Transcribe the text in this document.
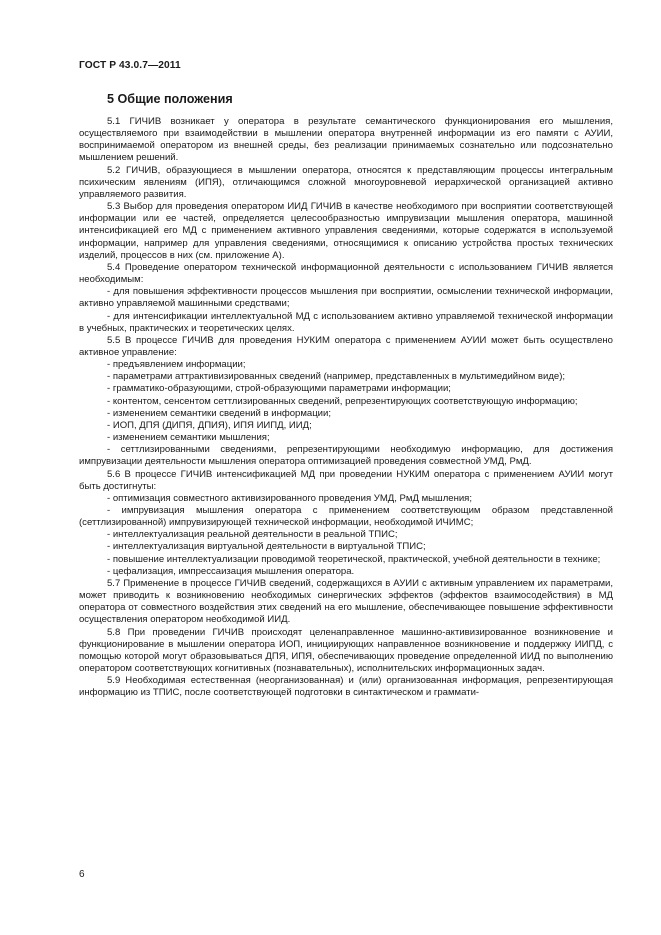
ГОСТ Р 43.0.7—2011
5 Общие положения

5.1 ГИЧИВ возникает у оператора в результате семантического функционирования его мышления, осуществляемого при взаимодействии в мышлении оператора внутренней информации из его памяти с АУИИ, воспринимаемой оператором из внешней среды, без реализации принимаемых сознательно или подсознательно мышлением решений.

5.2 ГИЧИВ, образующиеся в мышлении оператора, относятся к представляющим процессы интегральным психическим явлениям (ИПЯ), отличающимся сложной многоуровневой иерархической организацией активно управляемого развития.

5.3 Выбор для проведения оператором ИИД ГИЧИВ в качестве необходимого при восприятии соответствующей информации или ее частей, определяется целесообразностью импрувизации мышления оператора, машинной интенсификацией его МД с применением активного управления сведениями, которые содержатся в используемой информации, например для управления сведениями, относящимися к описанию устройства простых технических изделий, процессов в них (см. приложение А).

5.4 Проведение оператором технической информационной деятельности с использованием ГИЧИВ является необходимым:

- для повышения эффективности процессов мышления при восприятии, осмыслении технической информации, активно управляемой машинными средствами;

- для интенсификации интеллектуальной МД с использованием активно управляемой технической информации в учебных, практических и теоретических целях.

5.5 В процессе ГИЧИВ для проведения НУКИМ оператора с применением АУИИ может быть осуществлено активное управление:

- предъявлением информации;

- параметрами аттрактивизированных сведений (например, представленных в мультимедийном виде);

- грамматико-образующими, строй-образующими параметрами информации;

- контентом, сенсентом сеттлизированных сведений, репрезентирующих соответствующую информацию;

- изменением семантики сведений в информации;

- ИОП, ДПЯ (ДИПЯ, ДПИЯ), ИПЯ ИИПД, ИИД;

- изменением семантики мышления;

- сеттлизированными сведениями, репрезентирующими необходимую информацию, для достижения импрувизации деятельности мышления оператора оптимизацией проведения совместной УМД, РмД.

5.6 В процессе ГИЧИВ интенсификацией МД при проведении НУКИМ оператора с применением АУИИ могут быть достигнуты:

- оптимизация совместного активизированного проведения УМД, РмД мышления;

- импрувизация мышления оператора с применением соответствующим образом представленной (сеттлизированной) импрувизирующей технической информации, необходимой ИЧИМС;

- интеллектуализация реальной деятельности в реальной ТПИС;

- интеллектуализация виртуальной деятельности в виртуальной ТПИС;

- повышение интеллектуализации проводимой теоретической, практической, учебной деятельности в технике;

- цефализация, импрессаизация мышления оператора.

5.7 Применение в процессе ГИЧИВ сведений, содержащихся в АУИИ с активным управлением их параметрами, может приводить к возникновению необходимых синергических эффектов (эффектов взаимосодействия) в МД оператора от совместного воздействия этих сведений на его мышление, обеспечивающее повышение эффективности осуществления оператором необходимой ИИД.

5.8 При проведении ГИЧИВ происходят целенаправленное машинно-активизированное возникновение и функционирование в мышлении оператора ИОП, инициирующих направленное возникновение и поддержку ИИПД, с помощью которой могут образовываться ДПЯ, ИПЯ, обеспечивающих проведение определенной ИИД по выполнению оператором соответствующих когнитивных (познавательных), исполнительских информационных задач.

5.9 Необходимая естественная (неорганизованная) и (или) организованная информация, репрезентирующая информацию из ТПИС, после соответствующей подготовки в синтактическом и граммати-

6
